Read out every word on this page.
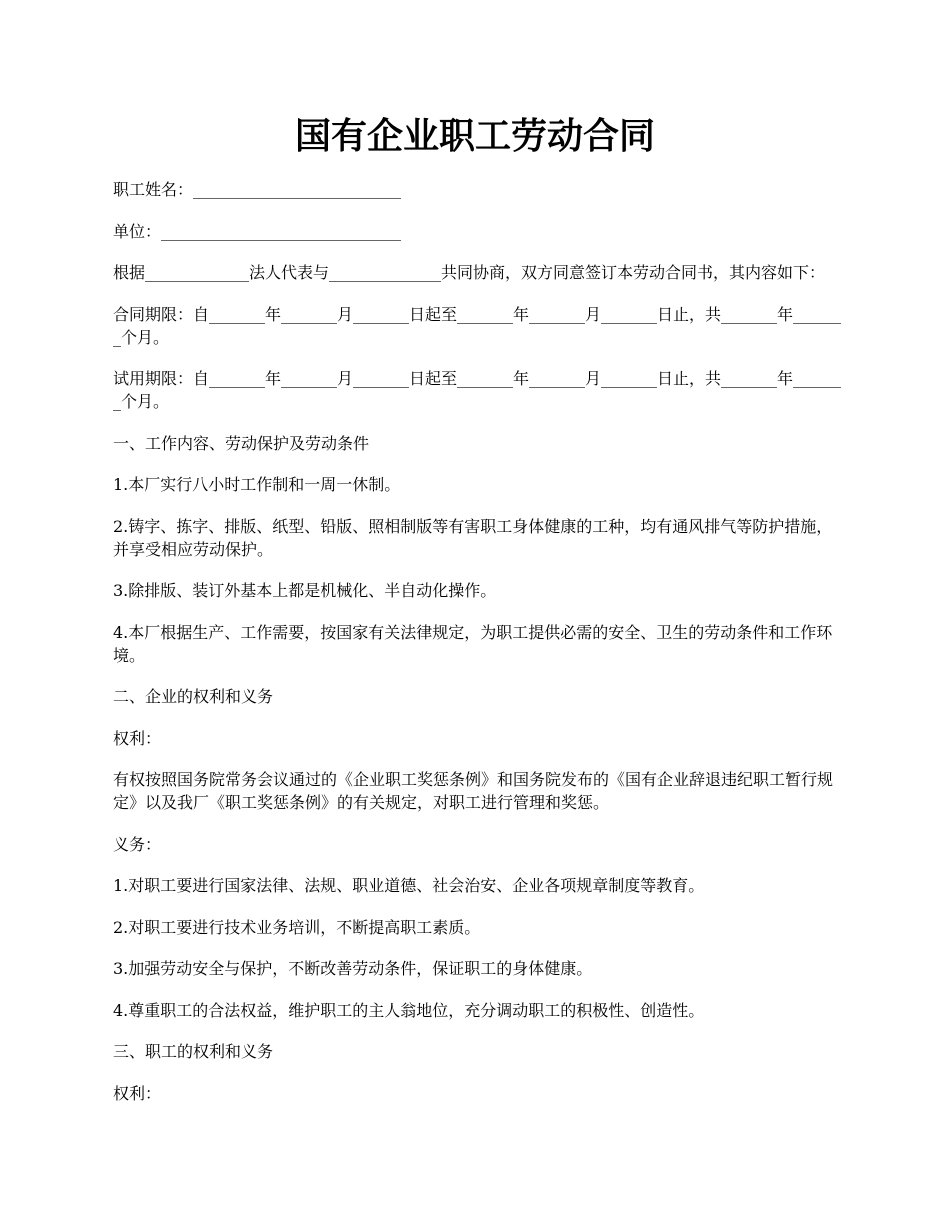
国有企业职工劳动合同

职工姓名：__________________________

单位：______________________________

根据_____________法人代表与______________共同协商，双方同意签订本劳动合同书，其内容如下：

合同期限：自_______年_______月_______日起至_______年_______月_______日止，共_______年_______个月。

试用期限：自_______年_______月_______日起至_______年_______月_______日止，共_______年_______个月。

一、工作内容、劳动保护及劳动条件

1.本厂实行八小时工作制和一周一休制。

2.铸字、拣字、排版、纸型、铅版、照相制版等有害职工身体健康的工种，均有通风排气等防护措施，并享受相应劳动保护。

3.除排版、装订外基本上都是机械化、半自动化操作。

4.本厂根据生产、工作需要，按国家有关法律规定，为职工提供必需的安全、卫生的劳动条件和工作环境。

二、企业的权利和义务

权利：

有权按照国务院常务会议通过的《企业职工奖惩条例》和国务院发布的《国有企业辞退违纪职工暂行规定》以及我厂《职工奖惩条例》的有关规定，对职工进行管理和奖惩。

义务：

1.对职工要进行国家法律、法规、职业道德、社会治安、企业各项规章制度等教育。

2.对职工要进行技术业务培训，不断提高职工素质。

3.加强劳动安全与保护，不断改善劳动条件，保证职工的身体健康。

4.尊重职工的合法权益，维护职工的主人翁地位，充分调动职工的积极性、创造性。

三、职工的权利和义务

权利：
